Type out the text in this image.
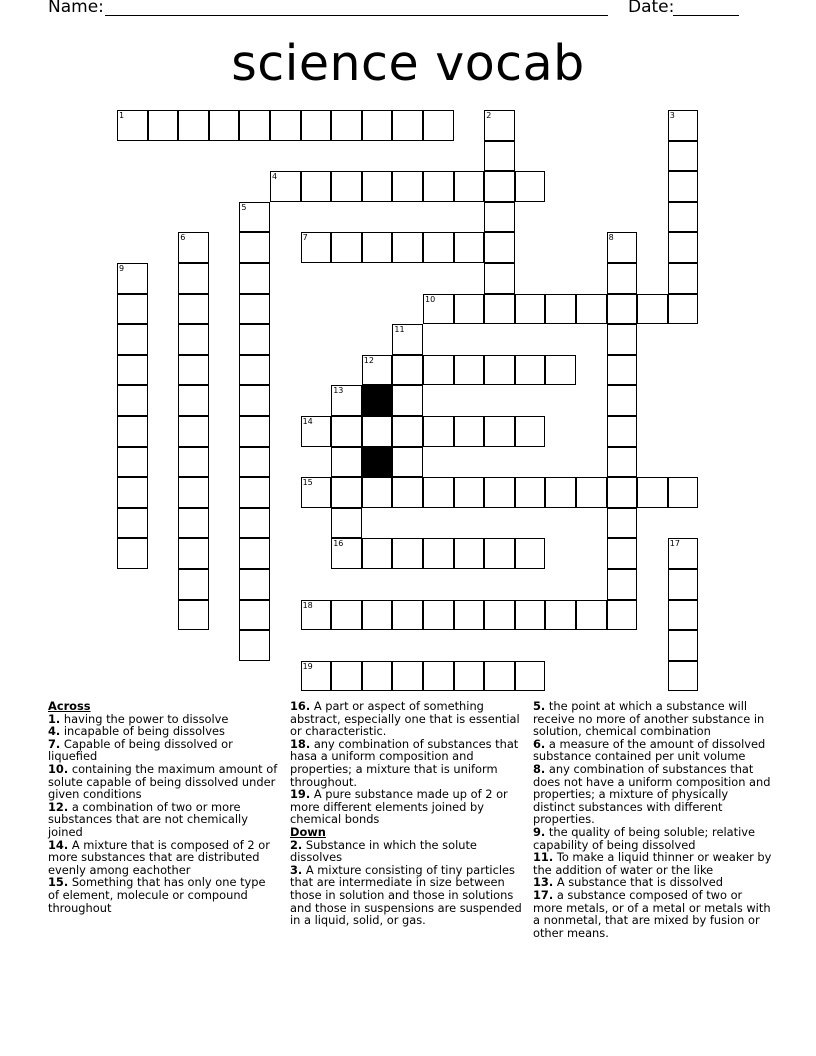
Name:	Date:
science vocab
1	2	3
4
5
6	7	8
9
10
11
12
13
16
14
15
17
18
19

Across

1. having the power to dissolve

4. incapable of being dissolves

7. Capable of being dissolved or liquefied

10. containing the maximum amount of solute capable of being dissolved under given conditions

12. a combination of two or more substances that are not chemically joined

14. A mixture that is composed of 2 or more substances that are distributed evenly among eachother

15. Something that has only one type of element, molecule or compound throughout

16. A part or aspect of something abstract, especially one that is essential or characteristic.

18. any combination of substances that hasa a uniform composition and properties; a mixture that is uniform throughout.

19. A pure substance made up of 2 or more different elements joined by chemical bonds

Down

2. Substance in which the solute dissolves

3. A mixture consisting of tiny particles that are intermediate in size between those in solution and those in solutions and those in suspensions are suspended in a liquid, solid, or gas.

5. the point at which a substance will receive no more of another substance in solution, chemical combination

6. a measure of the amount of dissolved substance contained per unit volume

8. any combination of substances that does not have a uniform composition and properties; a mixture of physically distinct substances with different properties.

9. the quality of being soluble; relative capability of being dissolved

11. To make a liquid thinner or weaker by the addition of water or the like

13. A substance that is dissolved

17. a substance composed of two or more metals, or of a metal or metals with a nonmetal, that are mixed by fusion or other means.
